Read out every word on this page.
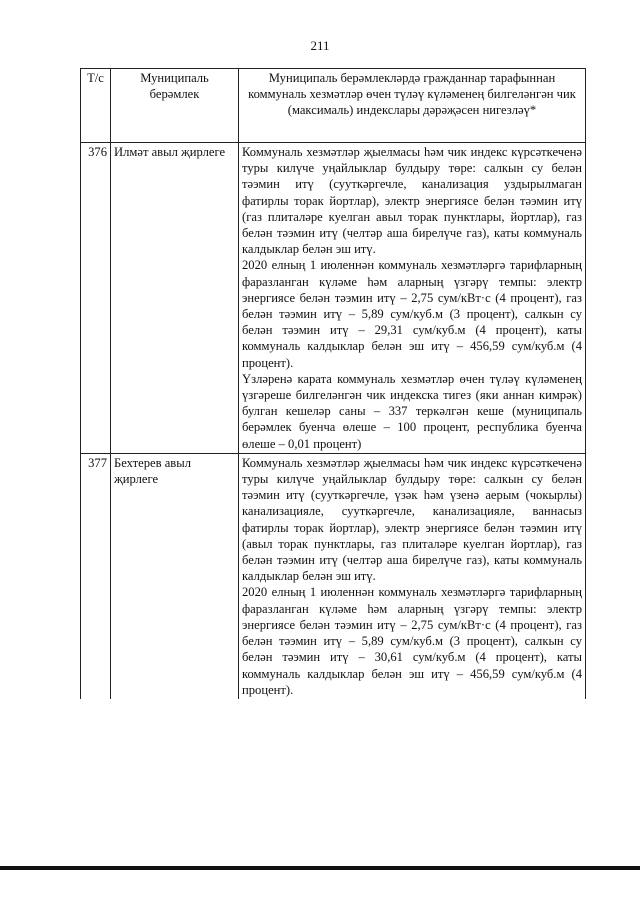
211
Т/с	Муниципаль берәмлек	Муниципаль берәмлекләрдә гражданнар тарафыннан коммуналь хезмәтләр өчен түләү күләменең билгеләнгән чик (максималь) индекслары дәрәҗәсен нигезләү*
376	Илмәт авыл җирлеге	Коммуналь хезмәтләр җыелмасы һәм чик индекс күрсәткеченә туры килүче уңайлыклар булдыру төре: салкын су белән тәэмин итү (сууткәргечле, канализация уздырылмаган фатирлы торак йортлар), электр энергиясе белән тәэмин итү (газ плиталәре куелган авыл торак пунктлары, йортлар), газ белән тәэмин итү (челтәр аша бирелүче газ), каты коммуналь калдыклар белән эш итү.

2020 елның 1 июленнән коммуналь хезмәтләргә тарифларның фаразланган күләме һәм аларның үзгәрү темпы: электр энергиясе белән тәэмин итү – 2,75 сум/кВт·с (4 процент), газ белән тәэмин итү – 5,89 сум/куб.м (3 процент), салкын су белән тәэмин итү – 29,31 сум/куб.м (4 процент), каты коммуналь калдыклар белән эш итү – 456,59 сум/куб.м (4 процент).

Үзләренә карата коммуналь хезмәтләр өчен түләү күләменең үзгәреше билгеләнгән чик индекска тигез (яки аннан кимрәк) булган кешеләр саны – 337 теркәлгән кеше (муниципаль берәмлек буенча өлеше – 100 процент, республика буенча өлеше – 0,01 процент)

377	Бехтерев авыл җирлеге	Коммуналь хезмәтләр җыелмасы һәм чик индекс күрсәткеченә туры килүче уңайлыклар булдыру төре: салкын су белән тәэмин итү (сууткәргечле, үзәк һәм үзенә аерым (чокырлы) канализацияле, сууткәргечле, канализацияле, ваннасыз фатирлы торак йортлар), электр энергиясе белән тәэмин итү (авыл торак пунктлары, газ плиталәре куелган йортлар), газ белән тәэмин итү (челтәр аша бирелүче газ), каты коммуналь калдыклар белән эш итү.

2020 елның 1 июленнән коммуналь хезмәтләргә тарифларның фаразланган күләме һәм аларның үзгәрү темпы: электр энергиясе белән тәэмин итү – 2,75 сум/кВт·с (4 процент), газ белән тәэмин итү – 5,89 сум/куб.м (3 процент), салкын су белән тәэмин итү – 30,61 сум/куб.м (4 процент), каты коммуналь калдыклар белән эш итү – 456,59 сум/куб.м (4 процент).
